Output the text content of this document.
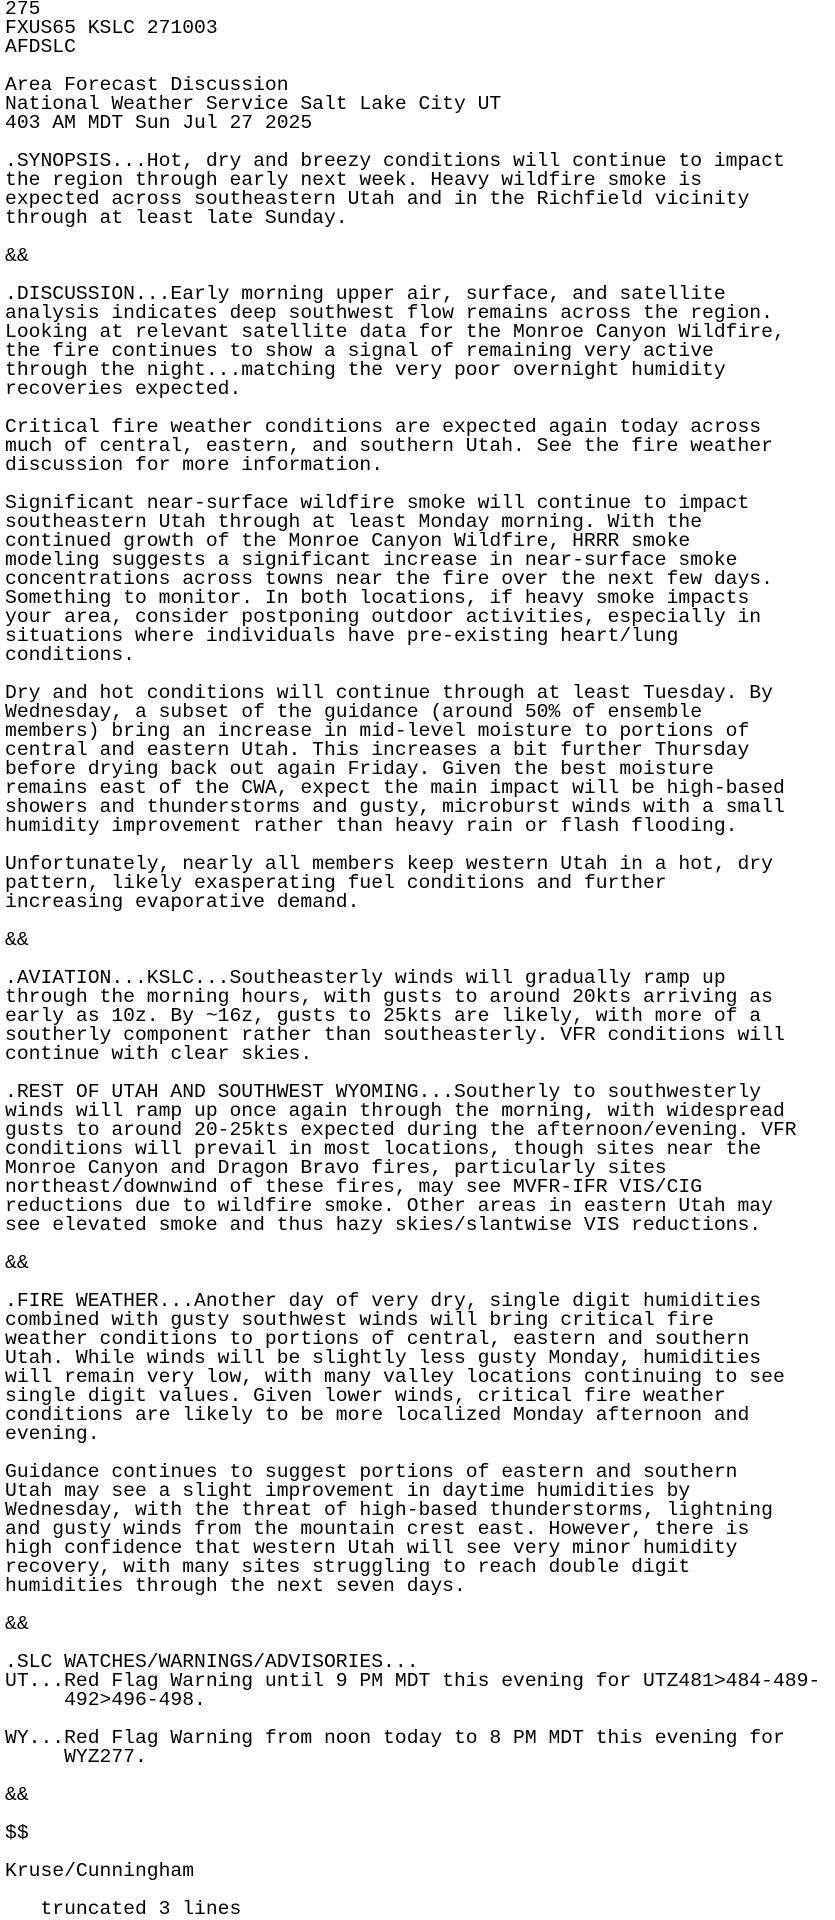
275
FXUS65 KSLC 271003
AFDSLC
Area Forecast Discussion
National Weather Service Salt Lake City UT
403 AM MDT Sun Jul 27 2025
.SYNOPSIS...Hot, dry and breezy conditions will continue to impact
the region through early next week. Heavy wildfire smoke is
expected across southeastern Utah and in the Richfield vicinity
through at least late Sunday.
&&
.DISCUSSION...Early morning upper air, surface, and satellite
analysis indicates deep southwest flow remains across the region.
Looking at relevant satellite data for the Monroe Canyon Wildfire,
the fire continues to show a signal of remaining very active
through the night...matching the very poor overnight humidity
recoveries expected.
Critical fire weather conditions are expected again today across
much of central, eastern, and southern Utah. See the fire weather
discussion for more information.
Significant near-surface wildfire smoke will continue to impact
southeastern Utah through at least Monday morning. With the
continued growth of the Monroe Canyon Wildfire, HRRR smoke
modeling suggests a significant increase in near-surface smoke
concentrations across towns near the fire over the next few days.
Something to monitor. In both locations, if heavy smoke impacts
your area, consider postponing outdoor activities, especially in
situations where individuals have pre-existing heart/lung
conditions.
Dry and hot conditions will continue through at least Tuesday. By
Wednesday, a subset of the guidance (around 50% of ensemble
members) bring an increase in mid-level moisture to portions of
central and eastern Utah. This increases a bit further Thursday
before drying back out again Friday. Given the best moisture
remains east of the CWA, expect the main impact will be high-based
showers and thunderstorms and gusty, microburst winds with a small
humidity improvement rather than heavy rain or flash flooding.
Unfortunately, nearly all members keep western Utah in a hot, dry
pattern, likely exasperating fuel conditions and further
increasing evaporative demand.
&&
.AVIATION...KSLC...Southeasterly winds will gradually ramp up
through the morning hours, with gusts to around 20kts arriving as
early as 10z. By ~16z, gusts to 25kts are likely, with more of a
southerly component rather than southeasterly. VFR conditions will
continue with clear skies.
.REST OF UTAH AND SOUTHWEST WYOMING...Southerly to southwesterly
winds will ramp up once again through the morning, with widespread
gusts to around 20-25kts expected during the afternoon/evening. VFR
conditions will prevail in most locations, though sites near the
Monroe Canyon and Dragon Bravo fires, particularly sites
northeast/downwind of these fires, may see MVFR-IFR VIS/CIG
reductions due to wildfire smoke. Other areas in eastern Utah may
see elevated smoke and thus hazy skies/slantwise VIS reductions.
&&
.FIRE WEATHER...Another day of very dry, single digit humidities
combined with gusty southwest winds will bring critical fire
weather conditions to portions of central, eastern and southern
Utah. While winds will be slightly less gusty Monday, humidities
will remain very low, with many valley locations continuing to see
single digit values. Given lower winds, critical fire weather
conditions are likely to be more localized Monday afternoon and
evening.
Guidance continues to suggest portions of eastern and southern
Utah may see a slight improvement in daytime humidities by
Wednesday, with the threat of high-based thunderstorms, lightning
and gusty winds from the mountain crest east. However, there is
high confidence that western Utah will see very minor humidity
recovery, with many sites struggling to reach double digit
humidities through the next seven days.
&&
.SLC WATCHES/WARNINGS/ADVISORIES...
UT...Red Flag Warning until 9 PM MDT this evening for UTZ481>484-489-
492>496-498.
WY...Red Flag Warning from noon today to 8 PM MDT this evening for
WYZ277.
&&
$$
Kruse/Cunningham
truncated 3 lines
